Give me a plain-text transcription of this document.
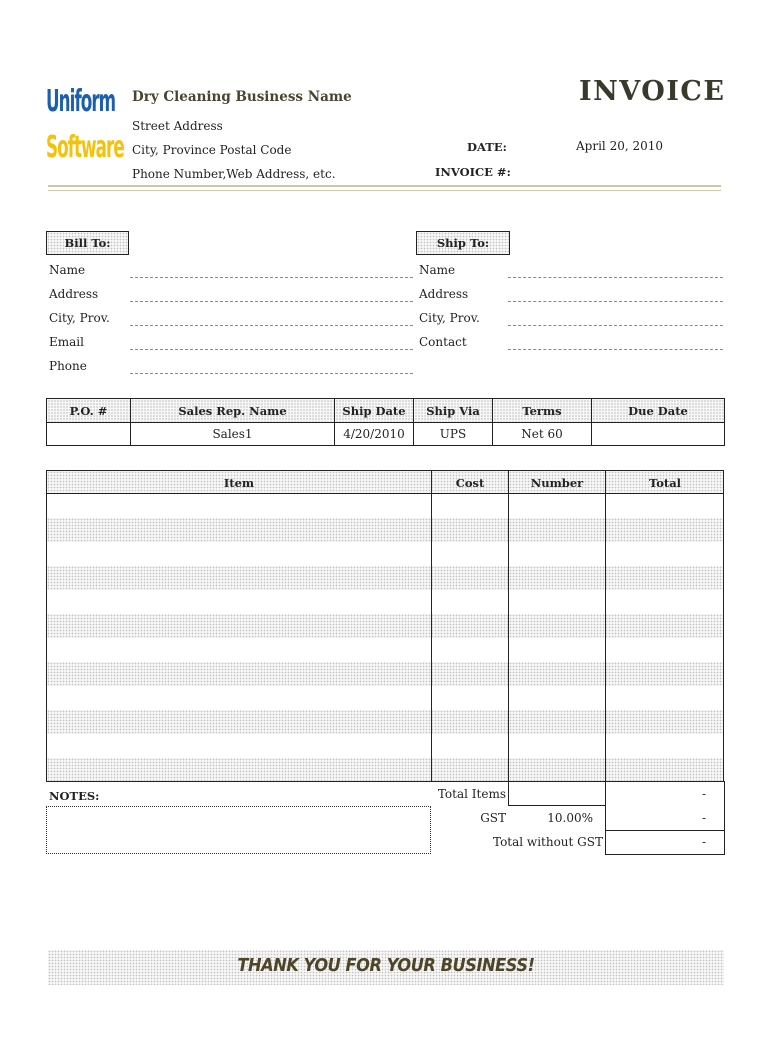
Uniform
Software
Dry Cleaning Business Name
Street Address
City, Province Postal Code
Phone Number,Web Address, etc.
INVOICE
DATE:	April 20, 2010
INVOICE #:
Bill To:
Name
Address
City, Prov.
Email
Phone
Ship To:
Name
Address
City, Prov.
Contact
P.O. #	Sales Rep. Name	Ship Date	Ship Via	Terms	Due Date
	Sales1	4/20/2010	UPS	Net 60	
Item	Cost	Number	Total
Total Items	-
GST	10.00%	-
Total without GST	-
NOTES:
THANK YOU FOR YOUR BUSINESS!
